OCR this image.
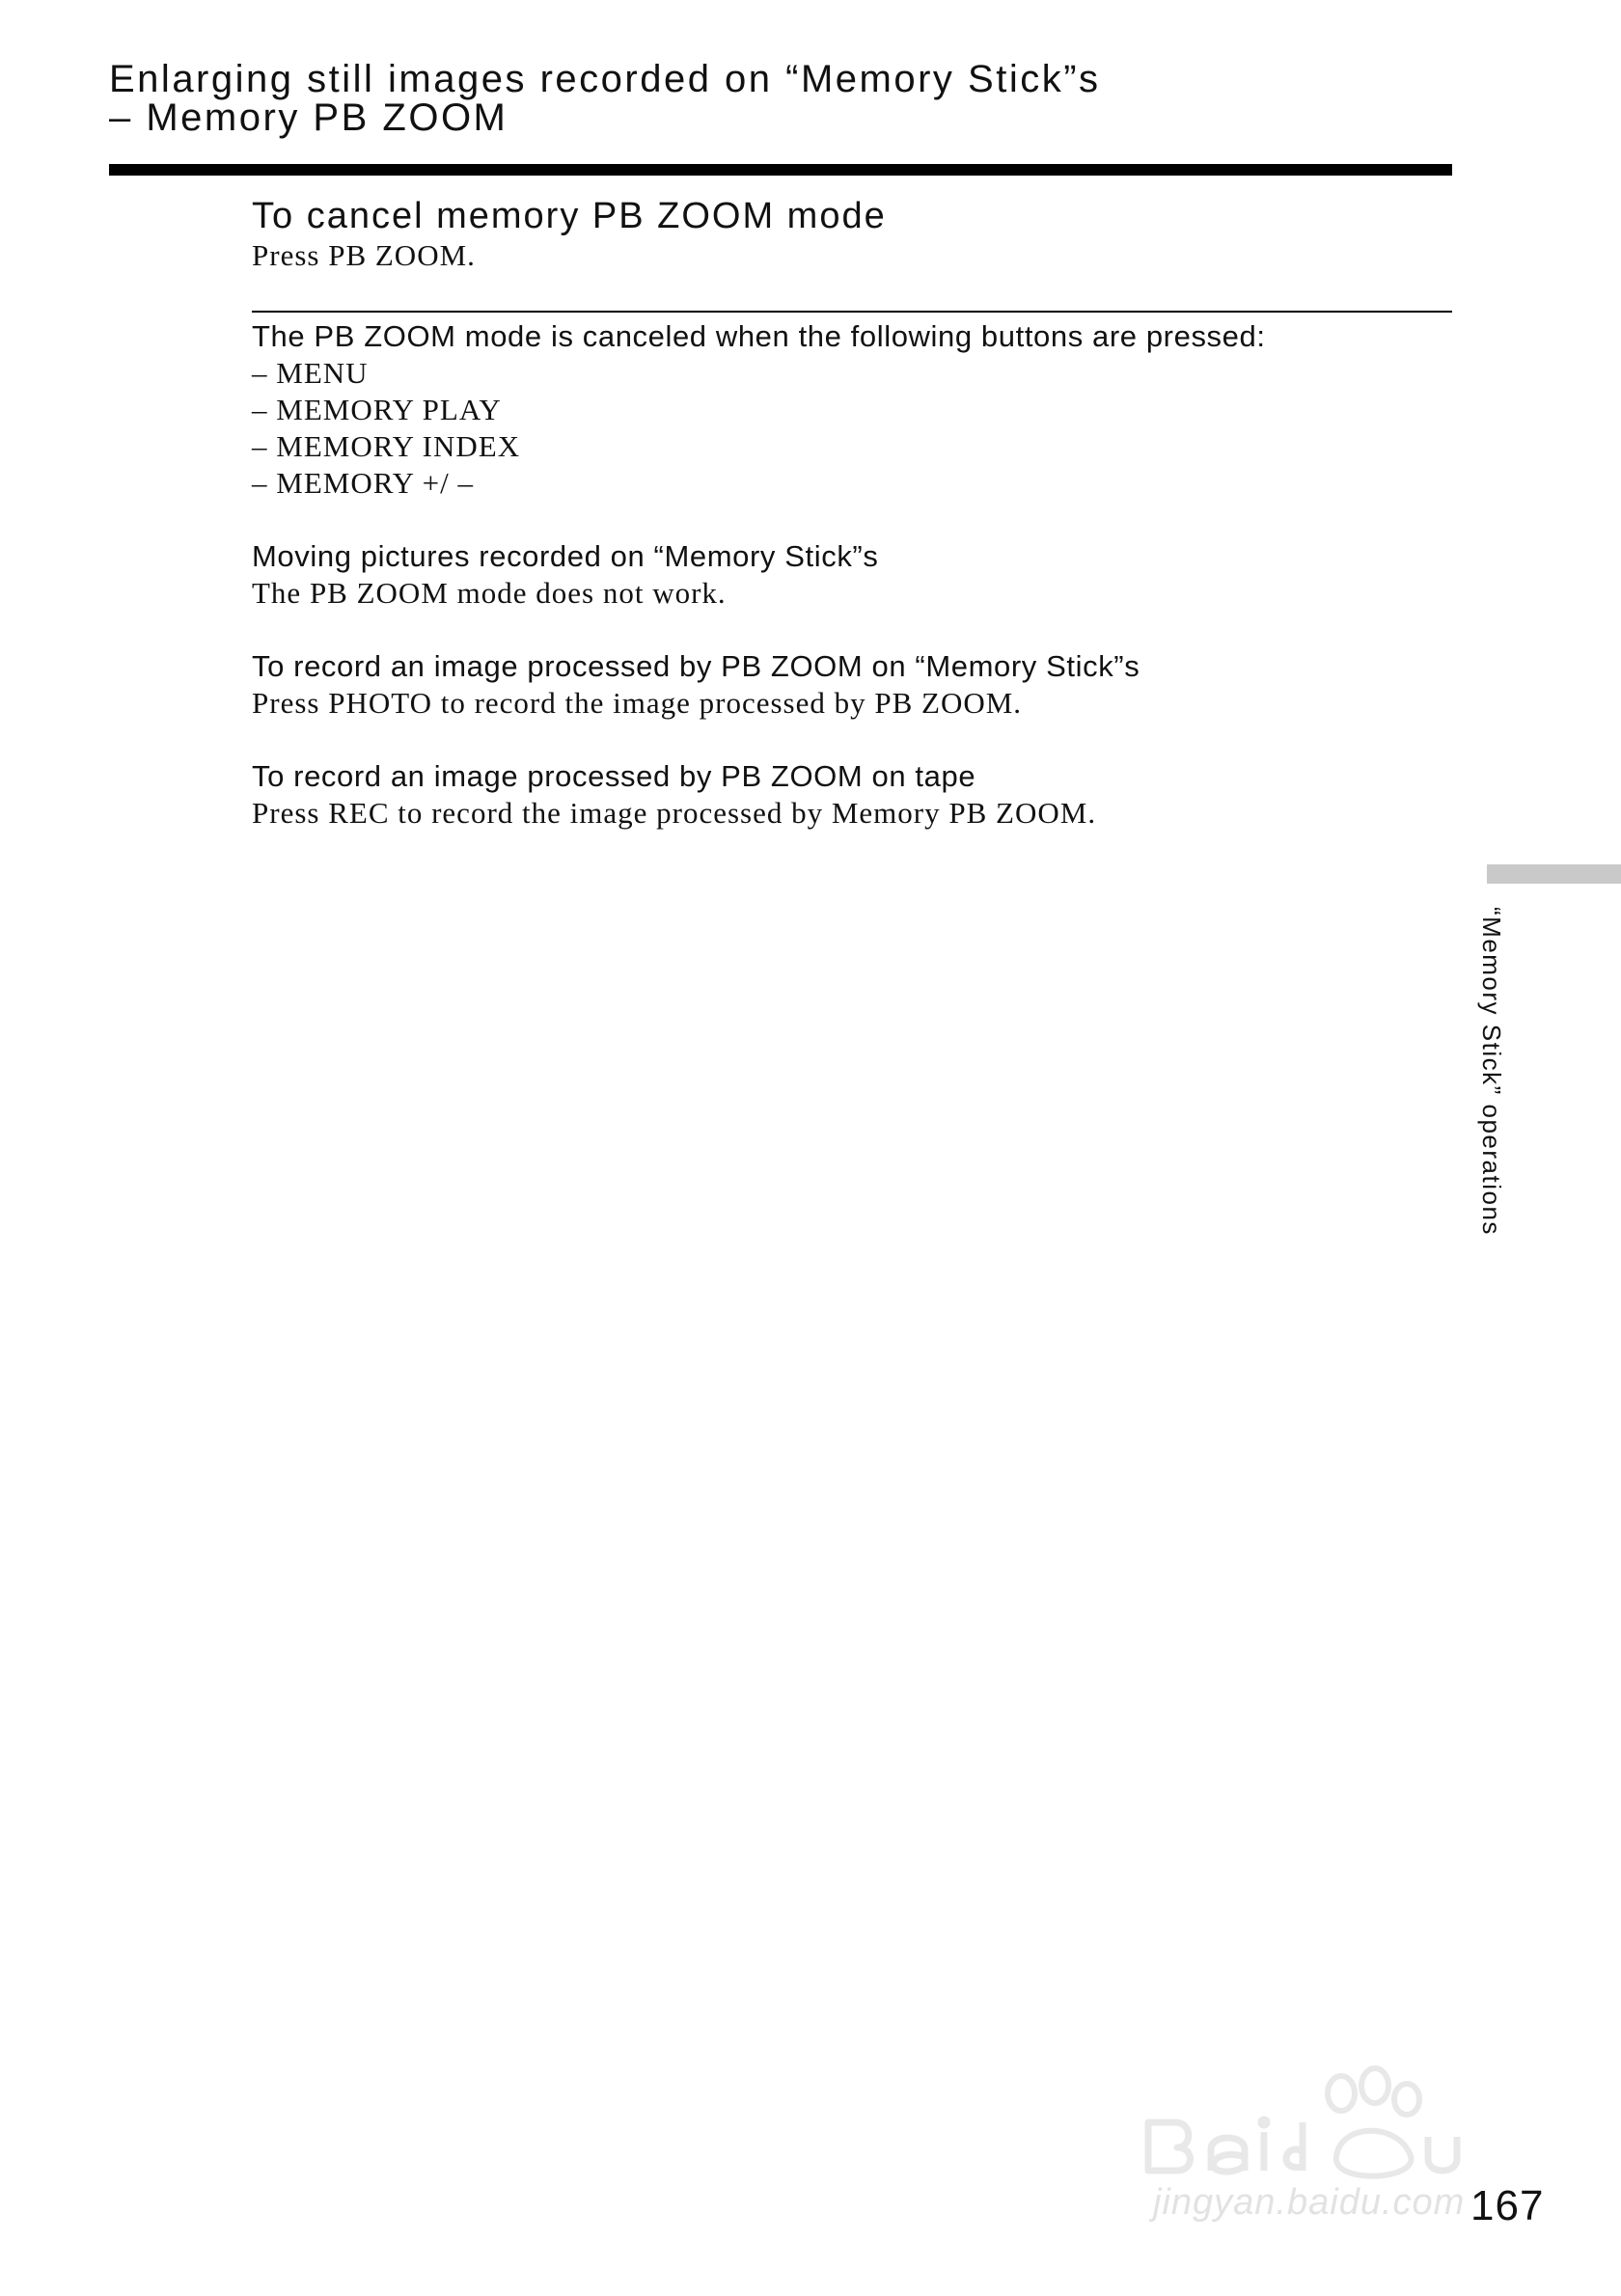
Enlarging still images recorded on “Memory Stick”s
– Memory PB ZOOM
To cancel memory PB ZOOM mode

Press PB ZOOM.

The PB ZOOM mode is canceled when the following buttons are pressed:

– MENU

– MEMORY PLAY

– MEMORY INDEX

– MEMORY +/ –

Moving pictures recorded on “Memory Stick”s

The PB ZOOM mode does not work.

To record an image processed by PB ZOOM on “Memory Stick”s

Press PHOTO to record the image processed by PB ZOOM.

To record an image processed by PB ZOOM on tape

Press REC to record the image processed by Memory PB ZOOM.

“Memory Stick” operations
jingyan.baidu.com 167
